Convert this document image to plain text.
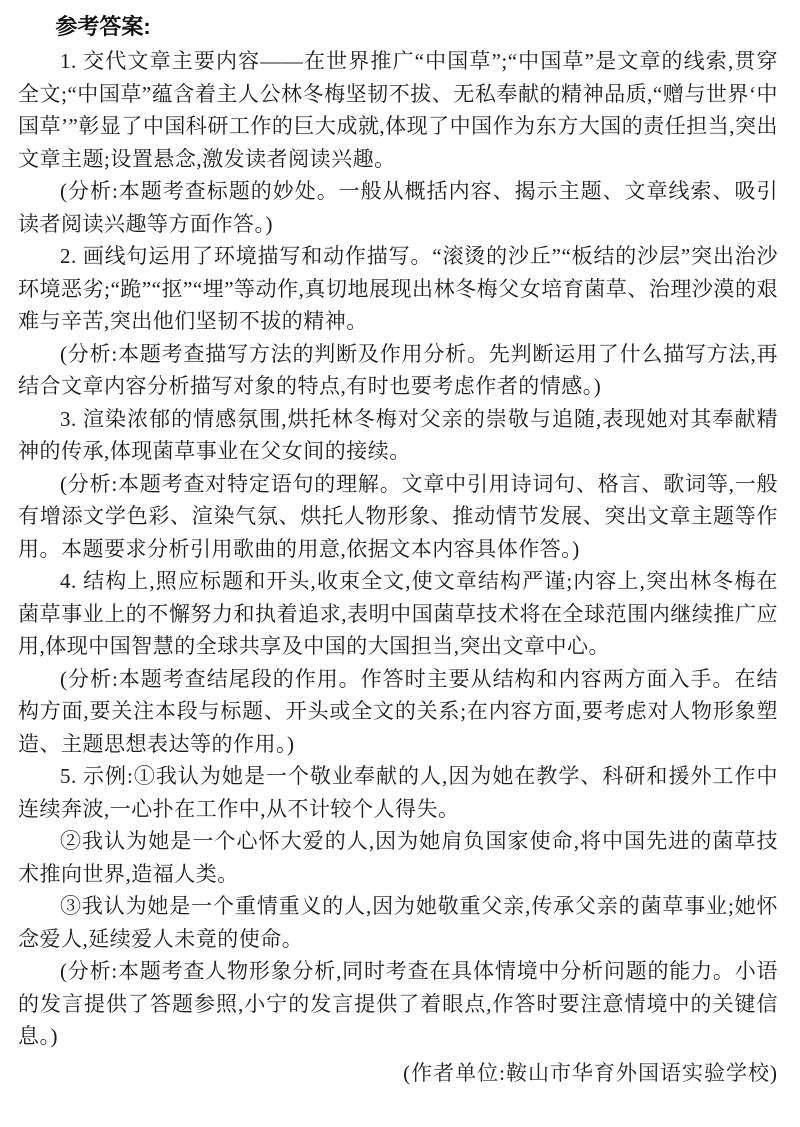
参考答案:

1. 交代文章主要内容——在世界推广“中国草”;“中国草”是文章的线索,贯穿全文;“中国草”蕴含着主人公林冬梅坚韧不拔、无私奉献的精神品质,“赠与世界‘中国草’”彰显了中国科研工作的巨大成就,体现了中国作为东方大国的责任担当,突出文章主题;设置悬念,激发读者阅读兴趣。

(分析:本题考查标题的妙处。一般从概括内容、揭示主题、文章线索、吸引读者阅读兴趣等方面作答。)

2. 画线句运用了环境描写和动作描写。“滚烫的沙丘”“板结的沙层”突出治沙环境恶劣;“跪”“抠”“埋”等动作,真切地展现出林冬梅父女培育菌草、治理沙漠的艰难与辛苦,突出他们坚韧不拔的精神。

(分析:本题考查描写方法的判断及作用分析。先判断运用了什么描写方法,再结合文章内容分析描写对象的特点,有时也要考虑作者的情感。)

3. 渲染浓郁的情感氛围,烘托林冬梅对父亲的崇敬与追随,表现她对其奉献精神的传承,体现菌草事业在父女间的接续。

(分析:本题考查对特定语句的理解。文章中引用诗词句、格言、歌词等,一般有增添文学色彩、渲染气氛、烘托人物形象、推动情节发展、突出文章主题等作用。本题要求分析引用歌曲的用意,依据文本内容具体作答。)

4. 结构上,照应标题和开头,收束全文,使文章结构严谨;内容上,突出林冬梅在菌草事业上的不懈努力和执着追求,表明中国菌草技术将在全球范围内继续推广应用,体现中国智慧的全球共享及中国的大国担当,突出文章中心。

(分析:本题考查结尾段的作用。作答时主要从结构和内容两方面入手。在结构方面,要关注本段与标题、开头或全文的关系;在内容方面,要考虑对人物形象塑造、主题思想表达等的作用。)

5. 示例:①我认为她是一个敬业奉献的人,因为她在教学、科研和援外工作中连续奔波,一心扑在工作中,从不计较个人得失。

②我认为她是一个心怀大爱的人,因为她肩负国家使命,将中国先进的菌草技术推向世界,造福人类。

③我认为她是一个重情重义的人,因为她敬重父亲,传承父亲的菌草事业;她怀念爱人,延续爱人未竟的使命。

(分析:本题考查人物形象分析,同时考查在具体情境中分析问题的能力。小语的发言提供了答题参照,小宁的发言提供了着眼点,作答时要注意情境中的关键信息。)

(作者单位:鞍山市华育外国语实验学校)
